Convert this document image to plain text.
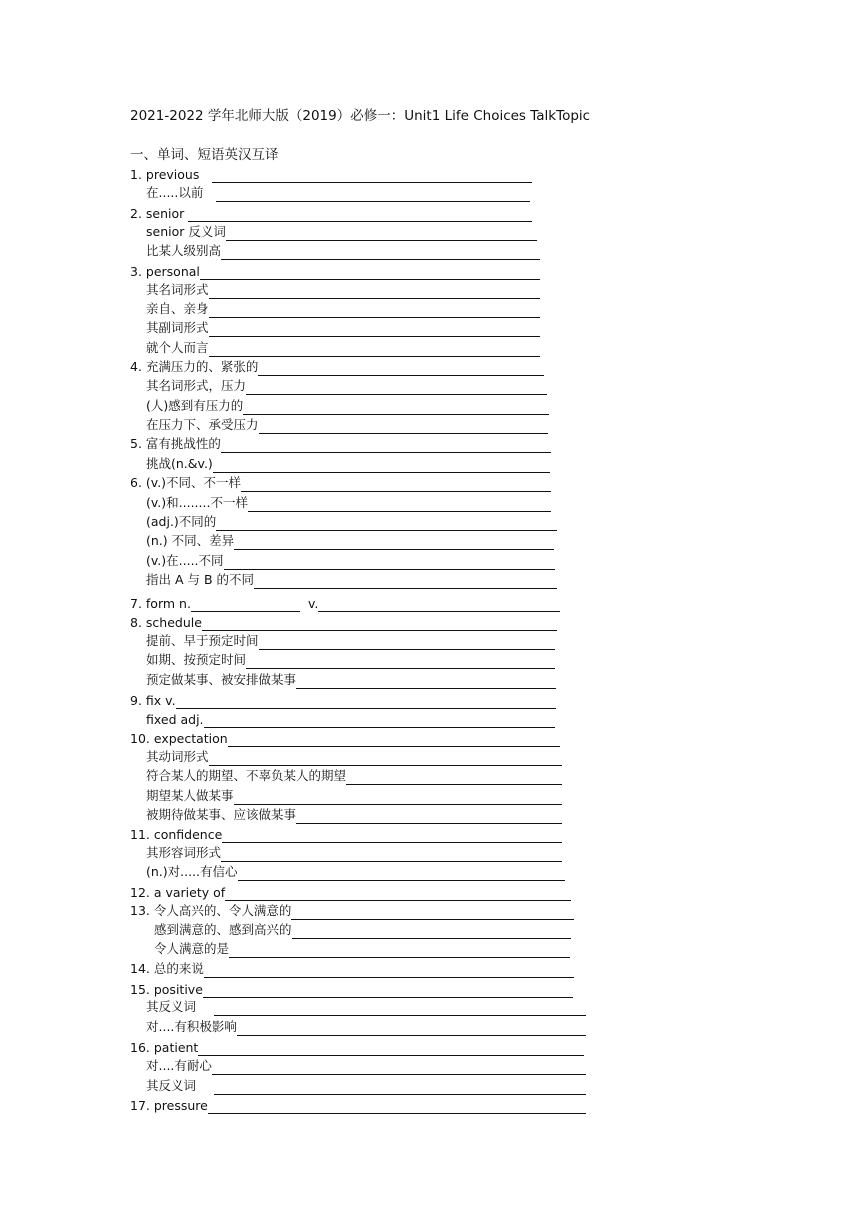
2021-2022 学年北师大版（2019）必修一：Unit1 Life Choices TalkTopic
一、单词、短语英汉互译
1. previous
在.....以前
2. senior
senior 反义词
比某人级别高
3. personal
其名词形式
亲自、亲身
其副词形式
就个人而言
4. 充满压力的、紧张的
其名词形式，压力
(人)感到有压力的
在压力下、承受压力
5. 富有挑战性的
挑战(n.&v.)
6. (v.)不同、不一样
(v.)和........不一样
(adj.)不同的
(n.) 不同、差异
(v.)在.....不同
指出 A 与 B 的不同
7. form n.	v.
8. schedule
提前、早于预定时间
如期、按预定时间
预定做某事、被安排做某事
9. fix v.
fixed adj.
10. expectation
其动词形式
符合某人的期望、不辜负某人的期望
期望某人做某事
被期待做某事、应该做某事
11. confidence
其形容词形式
(n.)对.....有信心
12. a variety of
13. 令人高兴的、令人满意的
感到满意的、感到高兴的
令人满意的是
14. 总的来说
15. positive
其反义词
对....有积极影响
16. patient
对....有耐心
其反义词
17. pressure
